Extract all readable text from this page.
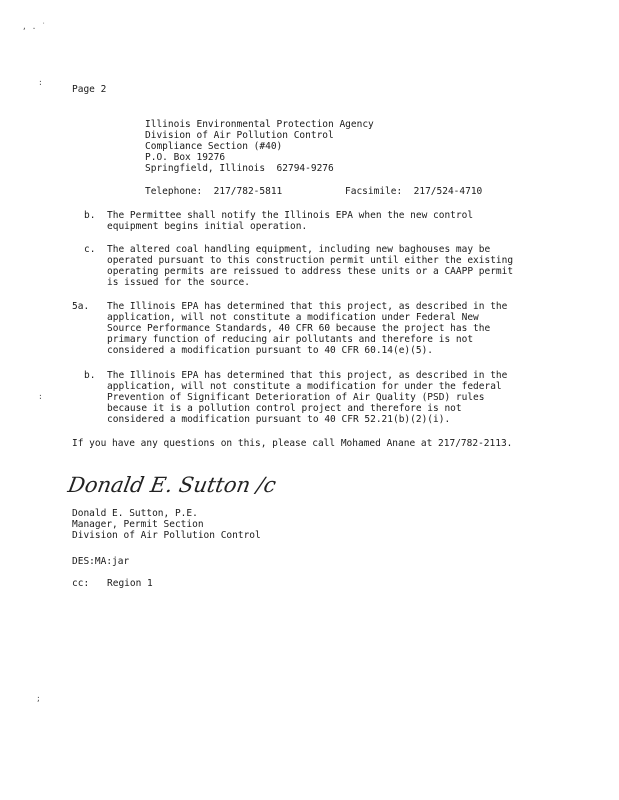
, . ˙
:
:
;
Page 2
Illinois Environmental Protection Agency
Division of Air Pollution Control
Compliance Section (#40)
P.O. Box 19276
Springfield, Illinois  62794-9276
Telephone:  217/782-5811	Facsimile:  217/524-4710
b. The Permittee shall notify the Illinois EPA when the new control
equipment begins initial operation.
c. The altered coal handling equipment, including new baghouses may be
operated pursuant to this construction permit until either the existing
operating permits are reissued to address these units or a CAAPP permit
is issued for the source.
5a. The Illinois EPA has determined that this project, as described in the
application, will not constitute a modification under Federal New
Source Performance Standards, 40 CFR 60 because the project has the
primary function of reducing air pollutants and therefore is not
considered a modification pursuant to 40 CFR 60.14(e)(5).
b. The Illinois EPA has determined that this project, as described in the
application, will not constitute a modification for under the federal
Prevention of Significant Deterioration of Air Quality (PSD) rules
because it is a pollution control project and therefore is not
considered a modification pursuant to 40 CFR 52.21(b)(2)(i).
If you have any questions on this, please call Mohamed Anane at 217/782-2113.
Donald E. Sutton /c
Donald E. Sutton, P.E.
Manager, Permit Section
Division of Air Pollution Control
DES:MA:jar
cc: Region 1
